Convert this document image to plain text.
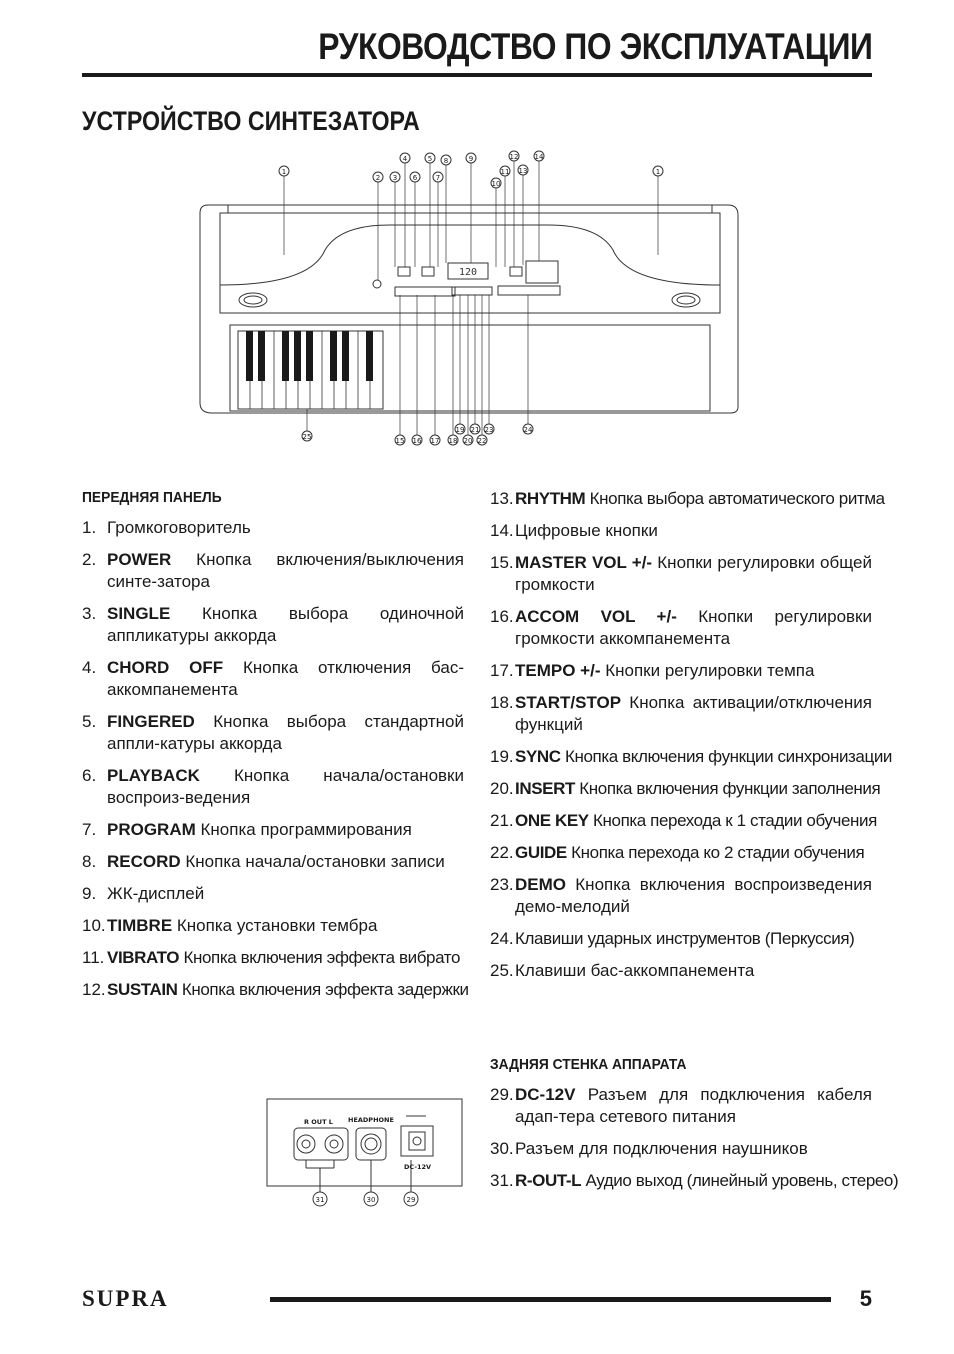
РУКОВОДСТВО ПО ЭКСПЛУАТАЦИИ
УСТРОЙСТВО СИНТЕЗАТОРА
120
1
2 3
4	5
6	7
8	9
10
11
12
13
14
1
25	15 16 17 18
19
20
21
22
23	24
ПЕРЕДНЯЯ ПАНЕЛЬ
1. Громкоговоритель
2. POWER Кнопка включения/выключения синте-затора
3. SINGLE Кнопка выбора одиночной аппликатуры аккорда
4. CHORD OFF Кнопка отключения бас-аккомпанемента
5. FINGERED Кнопка выбора стандартной аппли-катуры аккорда
6. PLAYBACK Кнопка начала/остановки воспроиз-ведения
7. PROGRAM Кнопка программирования
8. RECORD Кнопка начала/остановки записи
9. ЖК-дисплей
10. TIMBRE Кнопка установки тембра
11. VIBRATO Кнопка включения эффекта вибрато
12. SUSTAIN Кнопка включения эффекта задержки
13. RHYTHM Кнопка выбора автоматического ритма
14. Цифровые кнопки
15. MASTER VOL +/- Кнопки регулировки общей громкости
16. ACCOM VOL +/- Кнопки регулировки громкости аккомпанемента
17. TEMPO +/- Кнопки регулировки темпа
18. START/STOP Кнопка активации/отключения функций
19. SYNC Кнопка включения функции синхронизации
20. INSERT Кнопка включения функции заполнения
21. ONE KEY Кнопка перехода к 1 стадии обучения
22. GUIDE Кнопка перехода ко 2 стадии обучения
23. DEMO Кнопка включения воспроизведения демо-мелодий
24. Клавиши ударных инструментов (Перкуссия)
25. Клавиши бас-аккомпанемента
ЗАДНЯЯ СТЕНКА АППАРАТА
29. DC-12V Разъем для подключения кабеля адап-тера сетевого питания
30. Разъем для подключения наушников
31. R-OUT-L Аудио выход (линейный уровень, стерео)
R OUT L HEADPHONE
DC-12V
31	30	29
SUPRA	5
